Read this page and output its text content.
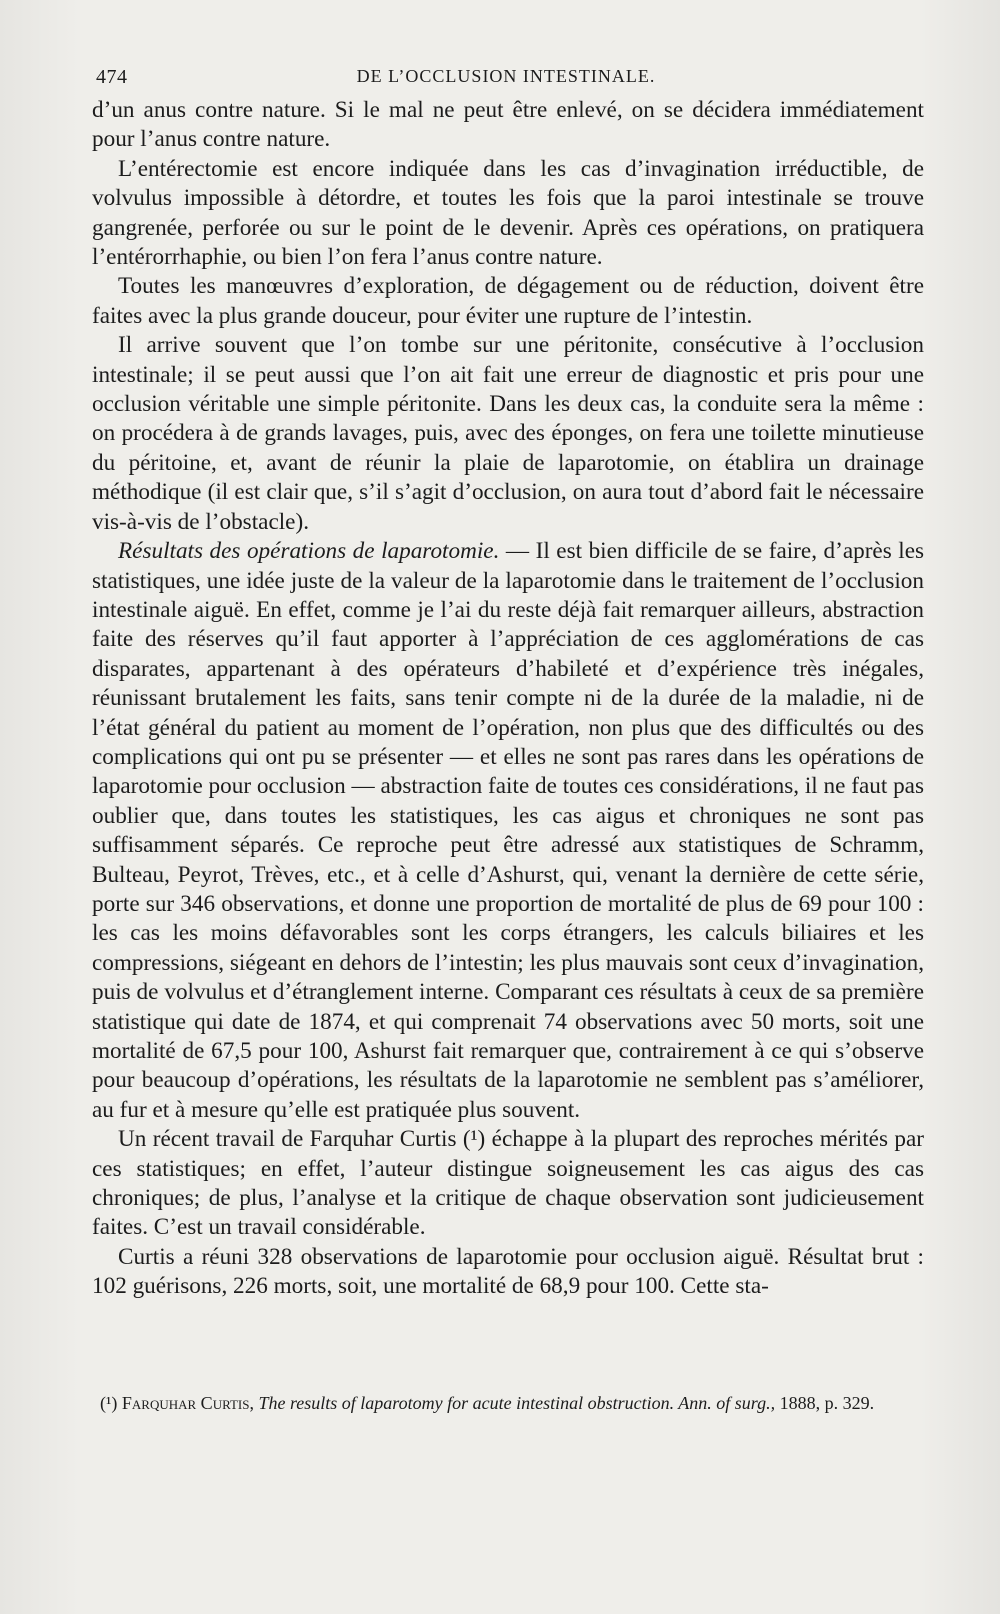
474	DE L’OCCLUSION INTESTINALE.

d’un anus contre nature. Si le mal ne peut être enlevé, on se décidera immédiatement pour l’anus contre nature.

L’entérectomie est encore indiquée dans les cas d’invagination irréductible, de volvulus impossible à détordre, et toutes les fois que la paroi intestinale se trouve gangrenée, perforée ou sur le point de le devenir. Après ces opérations, on pratiquera l’entérorrhaphie, ou bien l’on fera l’anus contre nature.

Toutes les manœuvres d’exploration, de dégagement ou de réduction, doivent être faites avec la plus grande douceur, pour éviter une rupture de l’intestin.

Il arrive souvent que l’on tombe sur une péritonite, consécutive à l’occlusion intestinale; il se peut aussi que l’on ait fait une erreur de diagnostic et pris pour une occlusion véritable une simple péritonite. Dans les deux cas, la conduite sera la même : on procédera à de grands lavages, puis, avec des éponges, on fera une toilette minutieuse du péritoine, et, avant de réunir la plaie de laparotomie, on établira un drainage méthodique (il est clair que, s’il s’agit d’occlusion, on aura tout d’abord fait le nécessaire vis-à-vis de l’obstacle).

Résultats des opérations de laparotomie. — Il est bien difficile de se faire, d’après les statistiques, une idée juste de la valeur de la laparotomie dans le traitement de l’occlusion intestinale aiguë. En effet, comme je l’ai du reste déjà fait remarquer ailleurs, abstraction faite des réserves qu’il faut apporter à l’appréciation de ces agglomérations de cas disparates, appartenant à des opérateurs d’habileté et d’expérience très inégales, réunissant brutalement les faits, sans tenir compte ni de la durée de la maladie, ni de l’état général du patient au moment de l’opération, non plus que des difficultés ou des complications qui ont pu se présenter — et elles ne sont pas rares dans les opérations de laparotomie pour occlusion — abstraction faite de toutes ces considérations, il ne faut pas oublier que, dans toutes les statistiques, les cas aigus et chroniques ne sont pas suffisamment séparés. Ce reproche peut être adressé aux statistiques de Schramm, Bulteau, Peyrot, Trèves, etc., et à celle d’Ashurst, qui, venant la dernière de cette série, porte sur 346 observations, et donne une proportion de mortalité de plus de 69 pour 100 : les cas les moins défavorables sont les corps étrangers, les calculs biliaires et les compressions, siégeant en dehors de l’intestin; les plus mauvais sont ceux d’invagination, puis de volvulus et d’étranglement interne. Comparant ces résultats à ceux de sa première statistique qui date de 1874, et qui comprenait 74 observations avec 50 morts, soit une mortalité de 67,5 pour 100, Ashurst fait remarquer que, contrairement à ce qui s’observe pour beaucoup d’opérations, les résultats de la laparotomie ne semblent pas s’améliorer, au fur et à mesure qu’elle est pratiquée plus souvent.

Un récent travail de Farquhar Curtis (¹) échappe à la plupart des reproches mérités par ces statistiques; en effet, l’auteur distingue soigneusement les cas aigus des cas chroniques; de plus, l’analyse et la critique de chaque observation sont judicieusement faites. C’est un travail considérable.

Curtis a réuni 328 observations de laparotomie pour occlusion aiguë. Résultat brut : 102 guérisons, 226 morts, soit, une mortalité de 68,9 pour 100. Cette sta-

(¹) Farquhar Curtis, The results of laparotomy for acute intestinal obstruction. Ann. of surg., 1888, p. 329.
